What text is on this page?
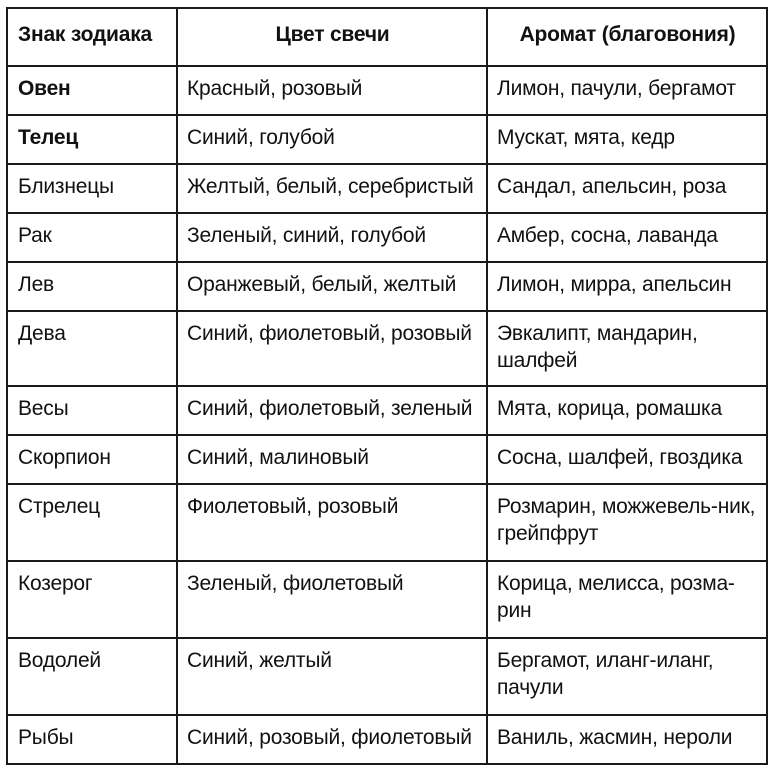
Знак зодиака	Цвет свечи	Аромат (благовония)
Овен	Красный, розовый	Лимон, пачули, бергамот
Телец	Синий, голубой	Мускат, мята, кедр
Близнецы	Желтый, белый, серебристый	Сандал, апельсин, роза
Рак	Зеленый, синий, голубой	Амбер, сосна, лаванда
Лев	Оранжевый, белый, желтый	Лимон, мирра, апельсин
Дева	Синий, фиолетовый, розовый	Эвкалипт, мандарин, шалфей
Весы	Синий, фиолетовый, зеленый	Мята, корица, ромашка
Скорпион	Синий, малиновый	Сосна, шалфей, гвоздика
Стрелец	Фиолетовый, розовый	Розмарин, можжевель-ник, грейпфрут
Козерог	Зеленый, фиолетовый	Корица, мелисса, розма-рин
Водолей	Синий, желтый	Бергамот, иланг-иланг, пачули
Рыбы	Синий, розовый, фиолетовый	Ваниль, жасмин, нероли
